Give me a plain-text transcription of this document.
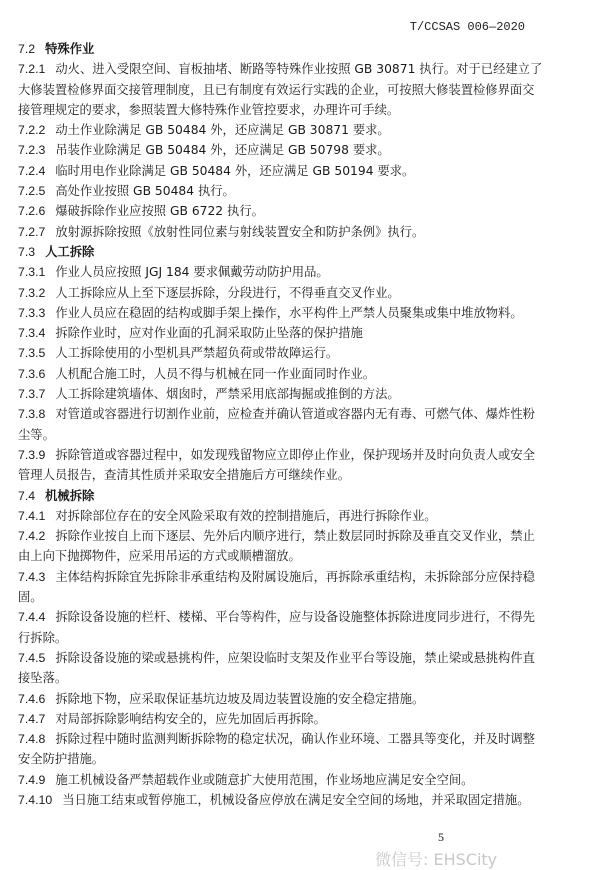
T/CCSAS 006—2020
7.2 特殊作业
7.2.1 动火、进入受限空间、盲板抽堵、断路等特殊作业按照 GB 30871 执行。对于已经建立了
大修装置检修界面交接管理制度，且已有制度有效运行实践的企业，可按照大修装置检修界面交
接管理规定的要求，参照装置大修特殊作业管控要求，办理许可手续。
7.2.2 动土作业除满足 GB 50484 外，还应满足 GB 30871 要求。
7.2.3 吊装作业除满足 GB 50484 外，还应满足 GB 50798 要求。
7.2.4 临时用电作业除满足 GB 50484 外，还应满足 GB 50194 要求。
7.2.5 高处作业按照 GB 50484 执行。
7.2.6 爆破拆除作业应按照 GB 6722 执行。
7.2.7 放射源拆除按照《放射性同位素与射线装置安全和防护条例》执行。
7.3 人工拆除
7.3.1 作业人员应按照 JGJ 184 要求佩戴劳动防护用品。
7.3.2 人工拆除应从上至下逐层拆除，分段进行，不得垂直交叉作业。
7.3.3 作业人员应在稳固的结构或脚手架上操作，水平构件上严禁人员聚集或集中堆放物料。
7.3.4 拆除作业时，应对作业面的孔洞采取防止坠落的保护措施
7.3.5 人工拆除使用的小型机具严禁超负荷或带故障运行。
7.3.6 人机配合施工时，人员不得与机械在同一作业面同时作业。
7.3.7 人工拆除建筑墙体、烟囱时，严禁采用底部掏掘或推倒的方法。
7.3.8 对管道或容器进行切割作业前，应检查并确认管道或容器内无有毒、可燃气体、爆炸性粉
尘等。
7.3.9 拆除管道或容器过程中，如发现残留物应立即停止作业，保护现场并及时向负责人或安全
管理人员报告，查清其性质并采取安全措施后方可继续作业。
7.4 机械拆除
7.4.1 对拆除部位存在的安全风险采取有效的控制措施后，再进行拆除作业。
7.4.2 拆除作业按自上而下逐层、先外后内顺序进行，禁止数层同时拆除及垂直交叉作业，禁止
由上向下抛掷物件，应采用吊运的方式或顺槽溜放。
7.4.3 主体结构拆除宜先拆除非承重结构及附属设施后，再拆除承重结构，未拆除部分应保持稳
固。
7.4.4 拆除设备设施的栏杆、楼梯、平台等构件，应与设备设施整体拆除进度同步进行，不得先
行拆除。
7.4.5 拆除设备设施的梁或悬挑构件，应架设临时支架及作业平台等设施，禁止梁或悬挑构件直
接坠落。
7.4.6 拆除地下物，应采取保证基坑边坡及周边装置设施的安全稳定措施。
7.4.7 对局部拆除影响结构安全的，应先加固后再拆除。
7.4.8 拆除过程中随时监测判断拆除物的稳定状况，确认作业环境、工器具等变化，并及时调整
安全防护措施。
7.4.9 施工机械设备严禁超载作业或随意扩大使用范围，作业场地应满足安全空间。
7.4.10 当日施工结束或暂停施工，机械设备应停放在满足安全空间的场地，并采取固定措施。
5
微信号: EHSCity
